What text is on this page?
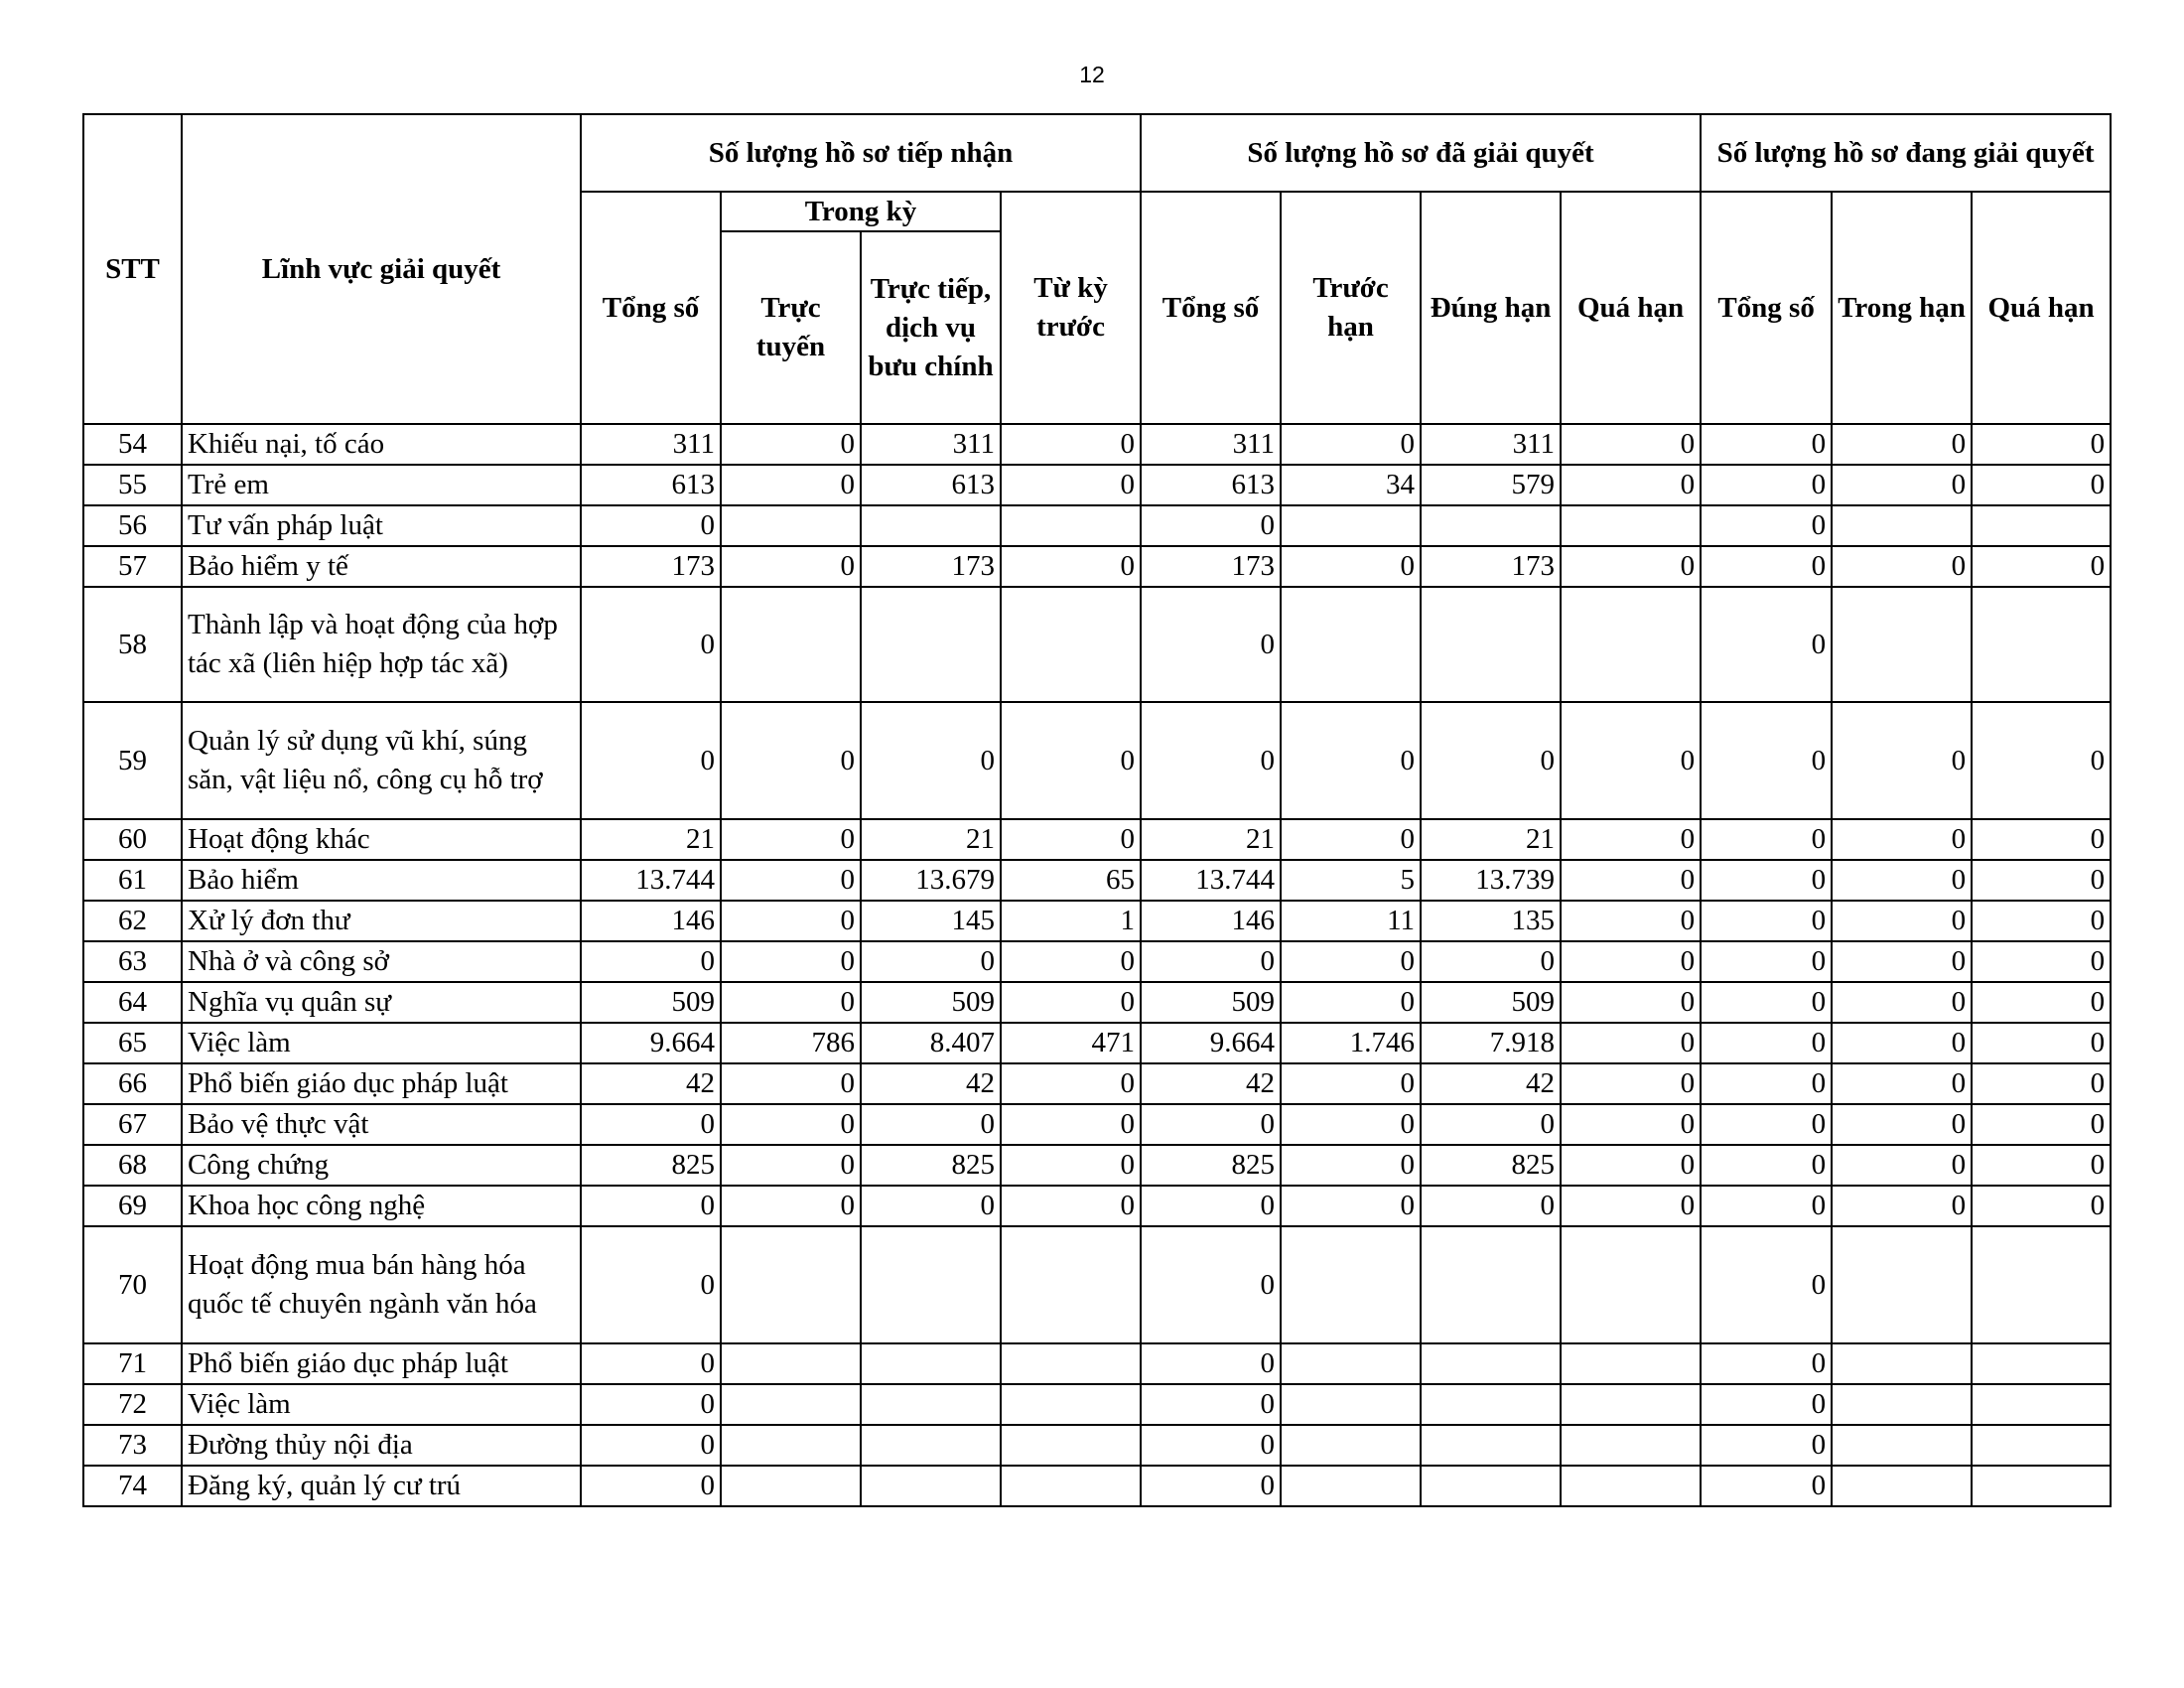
12
STT	Lĩnh vực giải quyết	Số lượng hồ sơ tiếp nhận				Số lượng hồ sơ đã giải quyết				Số lượng hồ sơ đang giải quyết		
		Tổng số	Trong kỳ		Từ kỳ trước	Tổng số	Trước hạn	Đúng hạn	Quá hạn	Tổng số	Trong hạn	Quá hạn
			Trực tuyến	Trực tiếp, dịch vụ bưu chính								
54	Khiếu nại, tố cáo	311	0	311	0	311	0	311	0	0	0	0
55	Trẻ em	613	0	613	0	613	34	579	0	0	0	0
56	Tư vấn pháp luật	0				0				0		
57	Bảo hiểm y tế	173	0	173	0	173	0	173	0	0	0	0
58	Thành lập và hoạt động của hợp tác xã (liên hiệp hợp tác xã)	0				0				0		
59	Quản lý sử dụng vũ khí, súng săn, vật liệu nổ, công cụ hỗ trợ	0	0	0	0	0	0	0	0	0	0	0
60	Hoạt động khác	21	0	21	0	21	0	21	0	0	0	0
61	Bảo hiểm	13.744	0	13.679	65	13.744	5	13.739	0	0	0	0
62	Xử lý đơn thư	146	0	145	1	146	11	135	0	0	0	0
63	Nhà ở và công sở	0	0	0	0	0	0	0	0	0	0	0
64	Nghĩa vụ quân sự	509	0	509	0	509	0	509	0	0	0	0
65	Việc làm	9.664	786	8.407	471	9.664	1.746	7.918	0	0	0	0
66	Phổ biến giáo dục pháp luật	42	0	42	0	42	0	42	0	0	0	0
67	Bảo vệ thực vật	0	0	0	0	0	0	0	0	0	0	0
68	Công chứng	825	0	825	0	825	0	825	0	0	0	0
69	Khoa học công nghệ	0	0	0	0	0	0	0	0	0	0	0
70	Hoạt động mua bán hàng hóa quốc tế chuyên ngành văn hóa	0				0				0		
71	Phổ biến giáo dục pháp luật	0				0				0		
72	Việc làm	0				0				0		
73	Đường thủy nội địa	0				0				0		
74	Đăng ký, quản lý cư trú	0				0				0		
